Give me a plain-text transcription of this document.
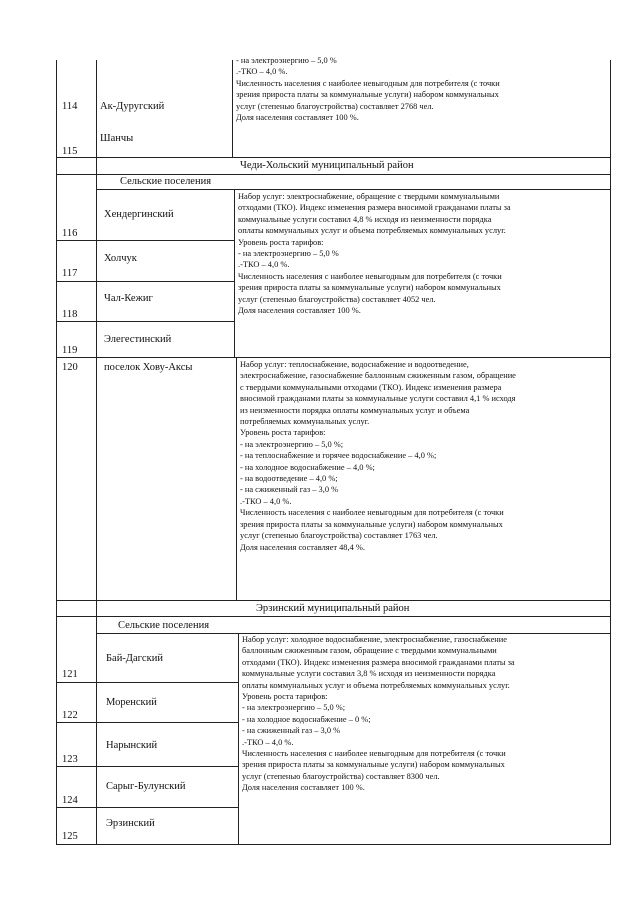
114 Ак-Дуругский
Шанчы
115
- на электроэнергию – 5,0 %
.-ТКО – 4,0 %.
Численность населения с наиболее невыгодным для потребителя (с точки
зрения прироста платы за коммунальные услуги) набором коммунальных
услуг (степенью благоустройства) составляет 2768 чел.
Доля населения составляет 100 %.
Чеди-Хольский муниципальный район
Сельские поселения
Хендергинский
116
Холчук
117
Чал-Кежиг
118
Элегестинский
119
Набор услуг: электроснабжение, обращение с твердыми коммунальными
отходами (ТКО). Индекс изменения размера вносимой гражданами платы за
коммунальные услуги составил 4,8 % исходя из неизменности порядка
оплаты коммунальных услуг и объема потребляемых коммунальных услуг.
Уровень роста тарифов:
- на электроэнергию – 5,0 %
.-ТКО – 4,0 %.
Численность населения с наиболее невыгодным для потребителя (с точки
зрения прироста платы за коммунальные услуги) набором коммунальных
услуг (степенью благоустройства) составляет 4052 чел.
Доля населения составляет 100 %.
120	поселок Хову-Аксы	Набор услуг: теплоснабжение, водоснабжение и водоотведение,
электроснабжение, газоснабжение баллонным сжиженным газом, обращение
с твердыми коммунальными отходами (ТКО). Индекс изменения размера
вносимой гражданами платы за коммунальные услуги составил 4,1 % исходя
из неизменности порядка оплаты коммунальных услуг и объема
потребляемых коммунальных услуг.
Уровень роста тарифов:
- на электроэнергию – 5,0 %;
- на теплоснабжение и горячее водоснабжение – 4,0 %;
- на холодное водоснабжение – 4,0 %;
- на водоотведение – 4,0 %;
- на сжиженный газ – 3,0 %
.-ТКО – 4,0 %.
Численность населения с наиболее невыгодным для потребителя (с точки
зрения прироста платы за коммунальные услуги) набором коммунальных
услуг (степенью благоустройства) составляет 1763 чел.
Доля населения составляет 48,4 %.
Эрзинский муниципальный район
Сельские поселения
Бай-Дагский
121
Моренский
122
Нарынский
123
Сарыг-Булунский
124
Эрзинский
125
Набор услуг: холодное водоснабжение, электроснабжение, газоснабжение
баллонным сжиженным газом, обращение с твердыми коммунальными
отходами (ТКО). Индекс изменения размера вносимой гражданами платы за
коммунальные услуги составил 3,8 % исходя из неизменности порядка
оплаты коммунальных услуг и объема потребляемых коммунальных услуг.
Уровень роста тарифов:
- на электроэнергию – 5,0 %;
- на холодное водоснабжение – 0 %;
- на сжиженный газ – 3,0 %
.-ТКО – 4,0 %.
Численность населения с наиболее невыгодным для потребителя (с точки
зрения прироста платы за коммунальные услуги) набором коммунальных
услуг (степенью благоустройства) составляет 8300 чел.
Доля населения составляет 100 %.
